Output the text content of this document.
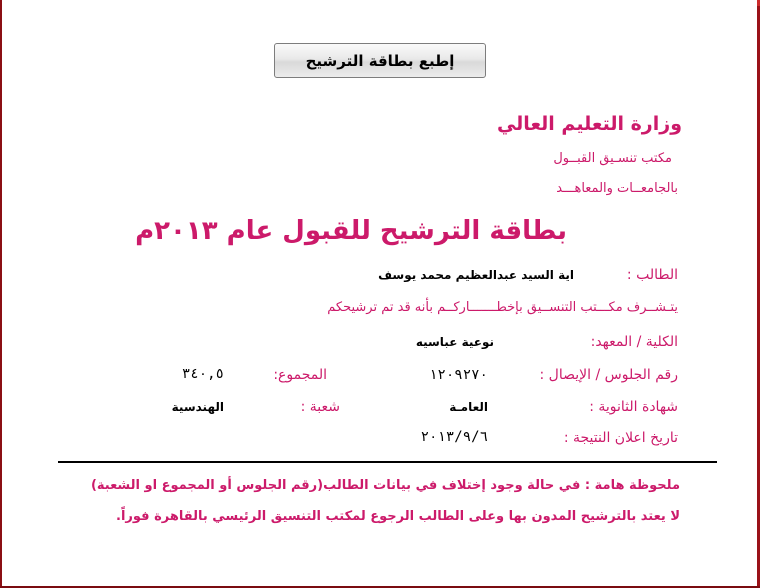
إطبع بطاقة الترشيح
وزارة التعليم العالي
مكتب تنسـيق القبــول
بالجامعــات والمعاهـــد
بطاقة الترشيح للقبول عام ٢٠١٣م
الطالب :
اية السيد عبدالعظيم محمد يوسف
يتـشــرف مكـــتب التنســيق بإخطـــــــاركــم بأنه قد تم ترشيحكم
الكلية / المعهد:
نوعية عباسيه
رقم الجلوس / الإيصال :
١٢٠٩٢٧٠
المجموع:
٣٤٠,٥
شهادة الثانوية :
العامـة
شعبة :
الهندسية
تاريخ اعلان النتيجة :
٢٠١٣/٩/٦
ملحوظة هامة : في حالة وجود إختلاف في بيانات الطالب(رقم الجلوس أو المجموع او الشعبة)
لا يعتد بالترشيح المدون بها وعلى الطالب الرجوع لمكتب التنسيق الرئيسي بالقاهرة فوراً.
